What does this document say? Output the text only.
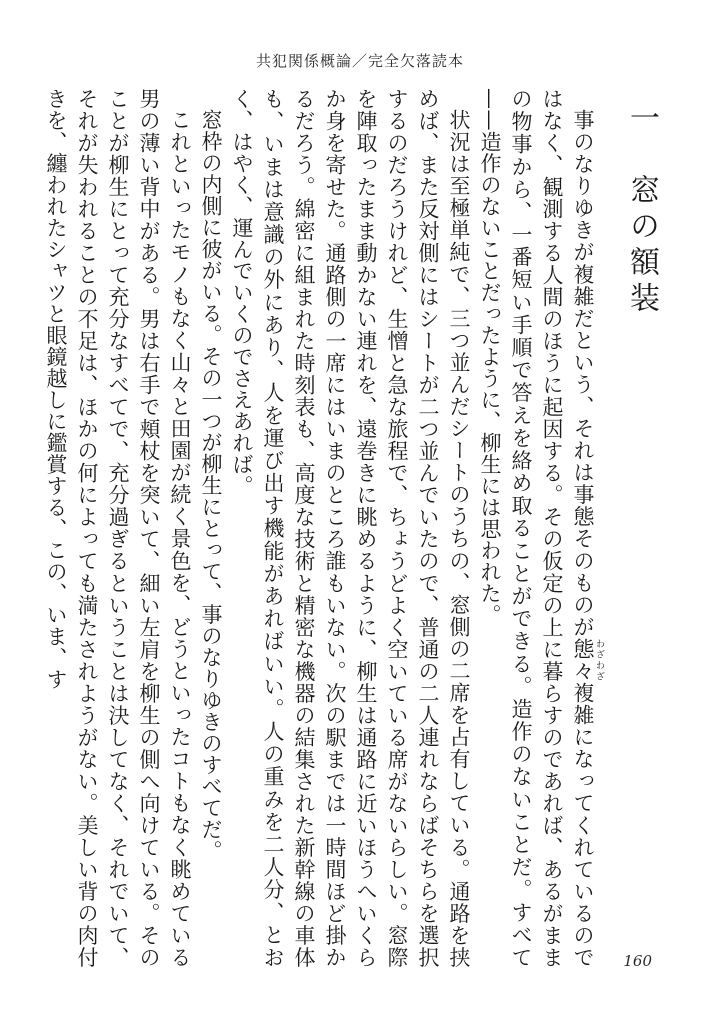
共犯関係概論／完全欠落読本
一　窓の額装

事のなりゆきが複雑だという、それは事態そのものが態々 わざわざ複雑になってくれているのではなく、観測する人間のほうに起因する。その仮定の上に暮らすのであれば、あるがままの物事から、一番短い手順で答えを絡め取ることができる。造作のないことだ。すべて——造作のないことだったように、柳生には思われた。

状況は至極単純で、三つ並んだシートのうちの、窓側の二席を占有している。通路を挟めば、また反対側にはシートが二つ並んでいたので、普通の二人連れならばそちらを選択するのだろうけれど、生憎と急な旅程で、ちょうどよく空いている席がないらしい。窓際を陣取ったまま動かない連れを、遠巻きに眺めるように、柳生は通路に近いほうへいくらか身を寄せた。通路側の一席にはいまのところ誰もいない。次の駅までは一時間ほど掛かるだろう。綿密に組まれた時刻表も、高度な技術と精密な機器の結集された新幹線の車体も、いまは意識の外にあり、人を運び出す機能があればいい。人の重みを二人分、とおく、はやく、運んでいくのでさえあれば。

窓枠の内側に彼がいる。その一つが柳生にとって、事のなりゆきのすべてだ。

これといったモノもなく山々と田園が続く景色を、どうといったコトもなく眺めている男の薄い背中がある。男は右手で頬杖を突いて、細い左肩を柳生の側へ向けている。そのことが柳生にとって充分なすべてで、充分過ぎるということは決してなく、それでいて、それが失われることの不足は、ほかの何によっても満たされようがない。美しい背の肉付きを、纏われたシャツと眼鏡越しに鑑賞する、この、いま、す

160
